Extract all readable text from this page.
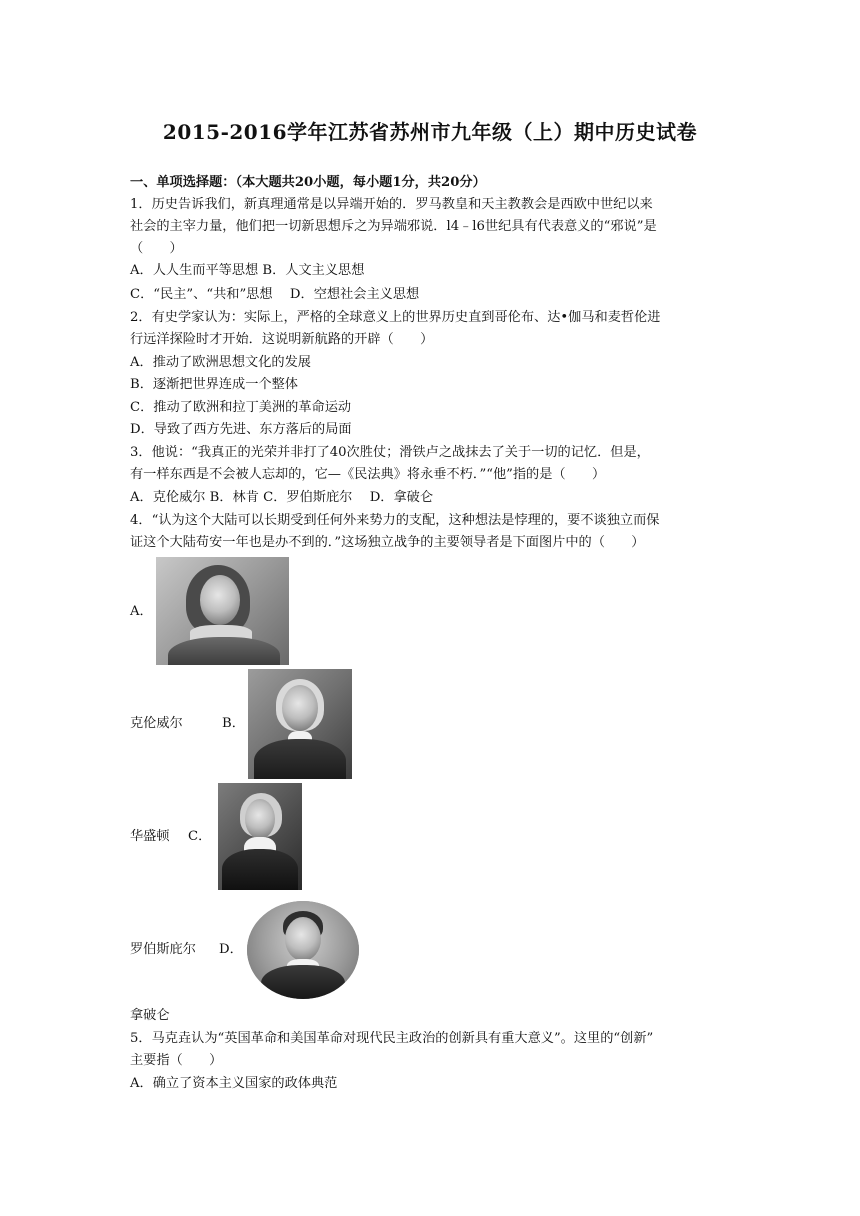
2015-2016学年江苏省苏州市九年级（上）期中历史试卷
一、单项选择题：（本大题共20小题，每小题1分，共20分）
1．历史告诉我们，新真理通常是以异端开始的．罗马教皇和天主教教会是西欧中世纪以来
社会的主宰力量，他们把一切新思想斥之为异端邪说．l4﹣l6世纪具有代表意义的“邪说”是
（　　）
A．人人生而平等思想 B．人文主义思想
C．“民主”、“共和”思想　 D．空想社会主义思想
2．有史学家认为：实际上，严格的全球意义上的世界历史直到哥伦布、达•伽马和麦哲伦进
行远洋探险时才开始．这说明新航路的开辟（　　）
A．推动了欧洲思想文化的发展
B．逐渐把世界连成一个整体
C．推动了欧洲和拉丁美洲的革命运动
D．导致了西方先进、东方落后的局面
3．他说：“我真正的光荣并非打了40次胜仗；滑铁卢之战抹去了关于一切的记忆．但是，
有一样东西是不会被人忘却的，它—《民法典》将永垂不朽．”“他”指的是（　　）
A．克伦威尔 B．林肯 C．罗伯斯庇尔　 D．拿破仑
4．“认为这个大陆可以长期受到任何外来势力的支配，这种想法是悖理的，要不谈独立而保
证这个大陆苟安一年也是办不到的．”这场独立战争的主要领导者是下面图片中的（　　）
A．
克伦威尔	B．
华盛顿 C．
罗伯斯庇尔 D．
拿破仑
5．马克垚认为“英国革命和美国革命对现代民主政治的创新具有重大意义”。这里的“创新”
主要指（　　）
A．确立了资本主义国家的政体典范
